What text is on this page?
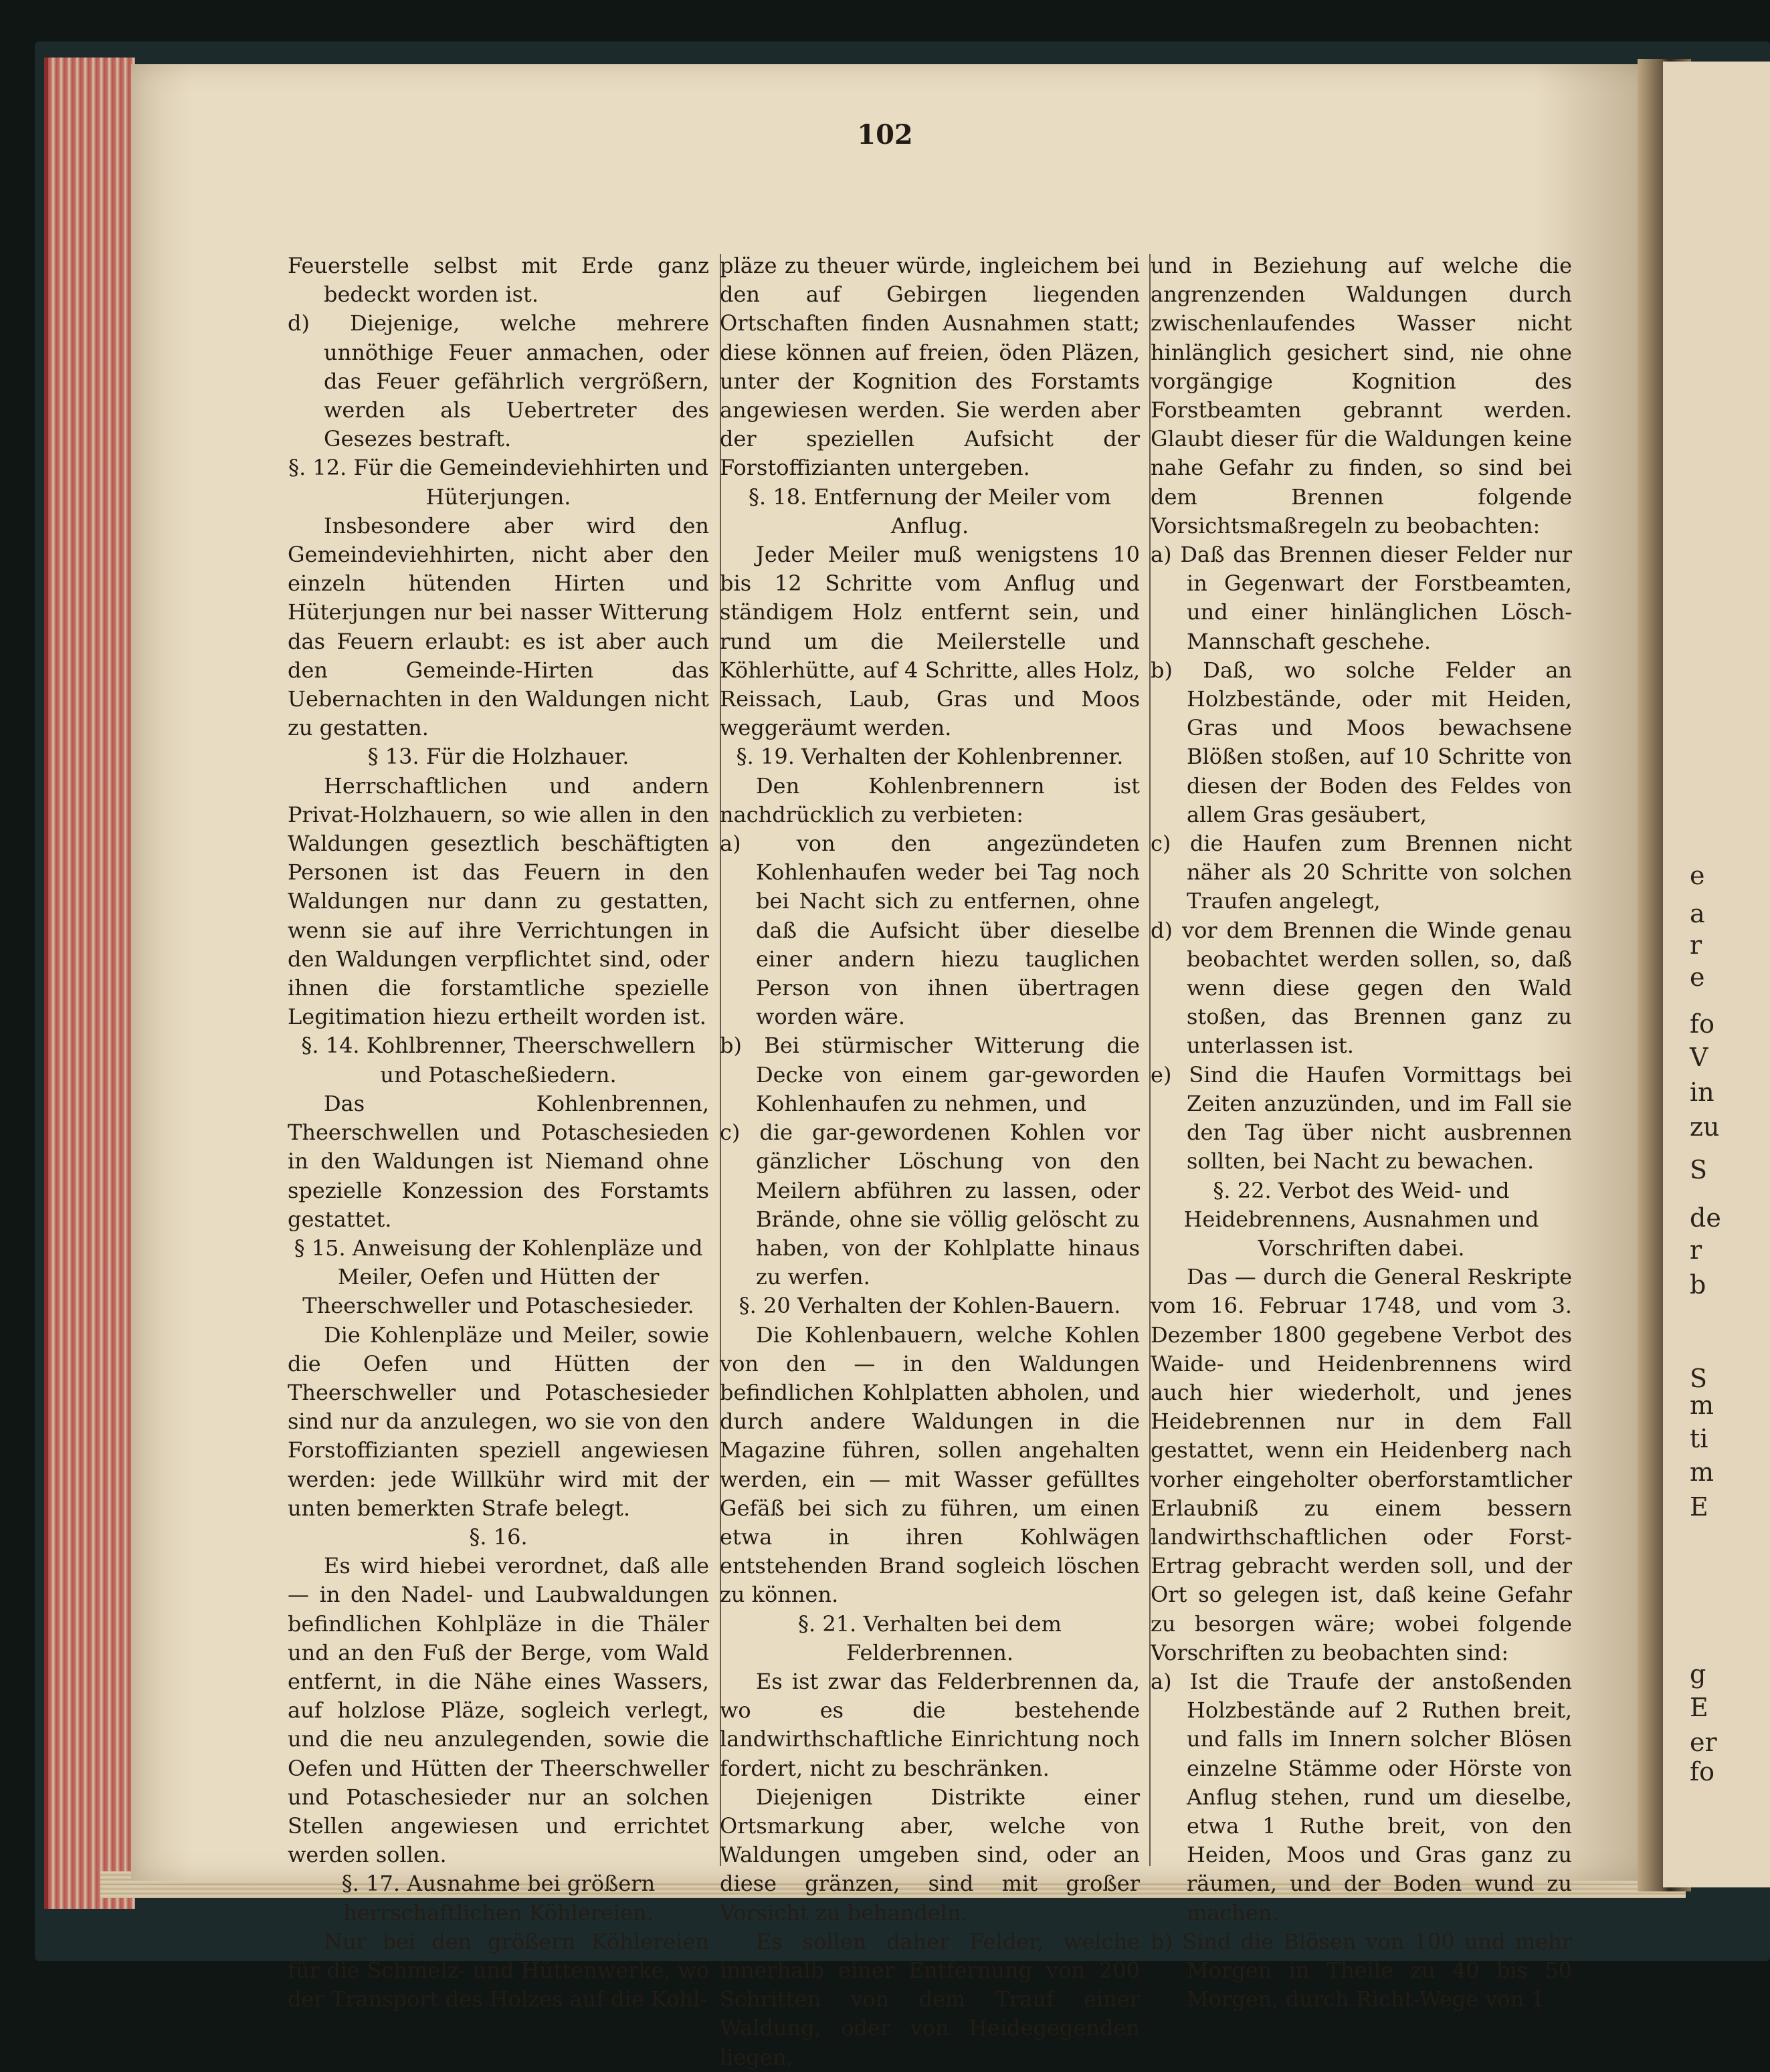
e
a
r
e
fo
V
in
zu
S
de
r
b
S
m
ti
m
E
g
E
er
fo
102

Feuerstelle selbst mit Erde ganz bedeckt worden ist.

d) Diejenige, welche mehrere unnöthige Feuer anmachen, oder das Feuer gefährlich vergrößern, werden als Uebertreter des Gesezes bestraft.

§. 12. Für die Gemeindeviehhirten und Hüterjungen.

Insbesondere aber wird den Gemeindeviehhirten, nicht aber den einzeln hütenden Hirten und Hüterjungen nur bei nasser Witterung das Feuern erlaubt: es ist aber auch den Gemeinde-Hirten das Uebernachten in den Waldungen nicht zu gestatten.

§ 13. Für die Holzhauer.

Herrschaftlichen und andern Privat-Holzhauern, so wie allen in den Waldungen geseztlich beschäftigten Personen ist das Feuern in den Waldungen nur dann zu gestatten, wenn sie auf ihre Verrichtungen in den Waldungen verpflichtet sind, oder ihnen die forstamtliche spezielle Legitimation hiezu ertheilt worden ist.

§. 14. Kohlbrenner, Theerschwellern und Potascheßiedern.

Das Kohlenbrennen, Theerschwellen und Potaschesieden in den Waldungen ist Niemand ohne spezielle Konzession des Forstamts gestattet.

§ 15. Anweisung der Kohlenpläze und Meiler, Oefen und Hütten der Theerschweller und Potaschesieder.

Die Kohlenpläze und Meiler, sowie die Oefen und Hütten der Theerschweller und Potaschesieder sind nur da anzulegen, wo sie von den Forstoffizianten speziell angewiesen werden: jede Willkühr wird mit der unten bemerkten Strafe belegt.

§. 16.

Es wird hiebei verordnet, daß alle — in den Nadel- und Laubwaldungen befindlichen Kohlpläze in die Thäler und an den Fuß der Berge, vom Wald entfernt, in die Nähe eines Wassers, auf holzlose Pläze, sogleich verlegt, und die neu anzulegenden, sowie die Oefen und Hütten der Theerschweller und Potaschesieder nur an solchen Stellen angewiesen und errichtet werden sollen.

§. 17. Ausnahme bei größern herrschaftlichen Köhlereien.

Nur bei den größern Köhlereien für die Schmelz- und Hüttenwerke, wo der Transport des Holzes auf die Kohl-

pläze zu theuer würde, ingleichem bei den auf Gebirgen liegenden Ortschaften finden Ausnahmen statt; diese können auf freien, öden Pläzen, unter der Kognition des Forstamts angewiesen werden. Sie werden aber der speziellen Aufsicht der Forstoffizianten untergeben.

§. 18. Entfernung der Meiler vom Anflug.

Jeder Meiler muß wenigstens 10 bis 12 Schritte vom Anflug und ständigem Holz entfernt sein, und rund um die Meilerstelle und Köhlerhütte, auf 4 Schritte, alles Holz, Reissach, Laub, Gras und Moos weggeräumt werden.

§. 19. Verhalten der Kohlenbrenner.

Den Kohlenbrennern ist nachdrücklich zu verbieten:

a) von den angezündeten Kohlenhaufen weder bei Tag noch bei Nacht sich zu entfernen, ohne daß die Aufsicht über dieselbe einer andern hiezu tauglichen Person von ihnen übertragen worden wäre.

b) Bei stürmischer Witterung die Decke von einem gar-geworden Kohlenhaufen zu nehmen, und

c) die gar-gewordenen Kohlen vor gänzlicher Löschung von den Meilern abführen zu lassen, oder Brände, ohne sie völlig gelöscht zu haben, von der Kohlplatte hinaus zu werfen.

§. 20 Verhalten der Kohlen-Bauern.

Die Kohlenbauern, welche Kohlen von den — in den Waldungen befindlichen Kohlplatten abholen, und durch andere Waldungen in die Magazine führen, sollen angehalten werden, ein — mit Wasser gefülltes Gefäß bei sich zu führen, um einen etwa in ihren Kohlwägen entstehenden Brand sogleich löschen zu können.

§. 21. Verhalten bei dem Felderbrennen.

Es ist zwar das Felderbrennen da, wo es die bestehende landwirthschaftliche Einrichtung noch fordert, nicht zu beschränken.

Diejenigen Distrikte einer Ortsmarkung aber, welche von Waldungen umgeben sind, oder an diese gränzen, sind mit großer Vorsicht zu behandeln.

Es sollen daher Felder, welche innerhalb einer Entfernung von 200 Schritten von dem Trauf einer Waldung, oder von Heidegegenden liegen,

und in Beziehung auf welche die angrenzenden Waldungen durch zwischenlaufendes Wasser nicht hinlänglich gesichert sind, nie ohne vorgängige Kognition des Forstbeamten gebrannt werden. Glaubt dieser für die Waldungen keine nahe Gefahr zu finden, so sind bei dem Brennen folgende Vorsichtsmaßregeln zu beobachten:

a) Daß das Brennen dieser Felder nur in Gegenwart der Forstbeamten, und einer hinlänglichen Lösch-Mannschaft geschehe.

b) Daß, wo solche Felder an Holzbestände, oder mit Heiden, Gras und Moos bewachsene Blößen stoßen, auf 10 Schritte von diesen der Boden des Feldes von allem Gras gesäubert,

c) die Haufen zum Brennen nicht näher als 20 Schritte von solchen Traufen angelegt,

d) vor dem Brennen die Winde genau beobachtet werden sollen, so, daß wenn diese gegen den Wald stoßen, das Brennen ganz zu unterlassen ist.

e) Sind die Haufen Vormittags bei Zeiten anzuzünden, und im Fall sie den Tag über nicht ausbrennen sollten, bei Nacht zu bewachen.

§. 22. Verbot des Weid- und Heidebrennens, Ausnahmen und Vorschriften dabei.

Das — durch die General Reskripte vom 16. Februar 1748, und vom 3. Dezember 1800 gegebene Verbot des Waide- und Heidenbrennens wird auch hier wiederholt, und jenes Heidebrennen nur in dem Fall gestattet, wenn ein Heidenberg nach vorher eingeholter oberforstamtlicher Erlaubniß zu einem bessern landwirthschaftlichen oder Forst-Ertrag gebracht werden soll, und der Ort so gelegen ist, daß keine Gefahr zu besorgen wäre; wobei folgende Vorschriften zu beobachten sind:

a) Ist die Traufe der anstoßenden Holzbestände auf 2 Ruthen breit, und falls im Innern solcher Blösen einzelne Stämme oder Hörste von Anflug stehen, rund um dieselbe, etwa 1 Ruthe breit, von den Heiden, Moos und Gras ganz zu räumen, und der Boden wund zu machen.

b) Sind die Blösen von 100 und mehr Morgen in Theile zu 40 bis 50 Morgen, durch Richt-Wege von 1
